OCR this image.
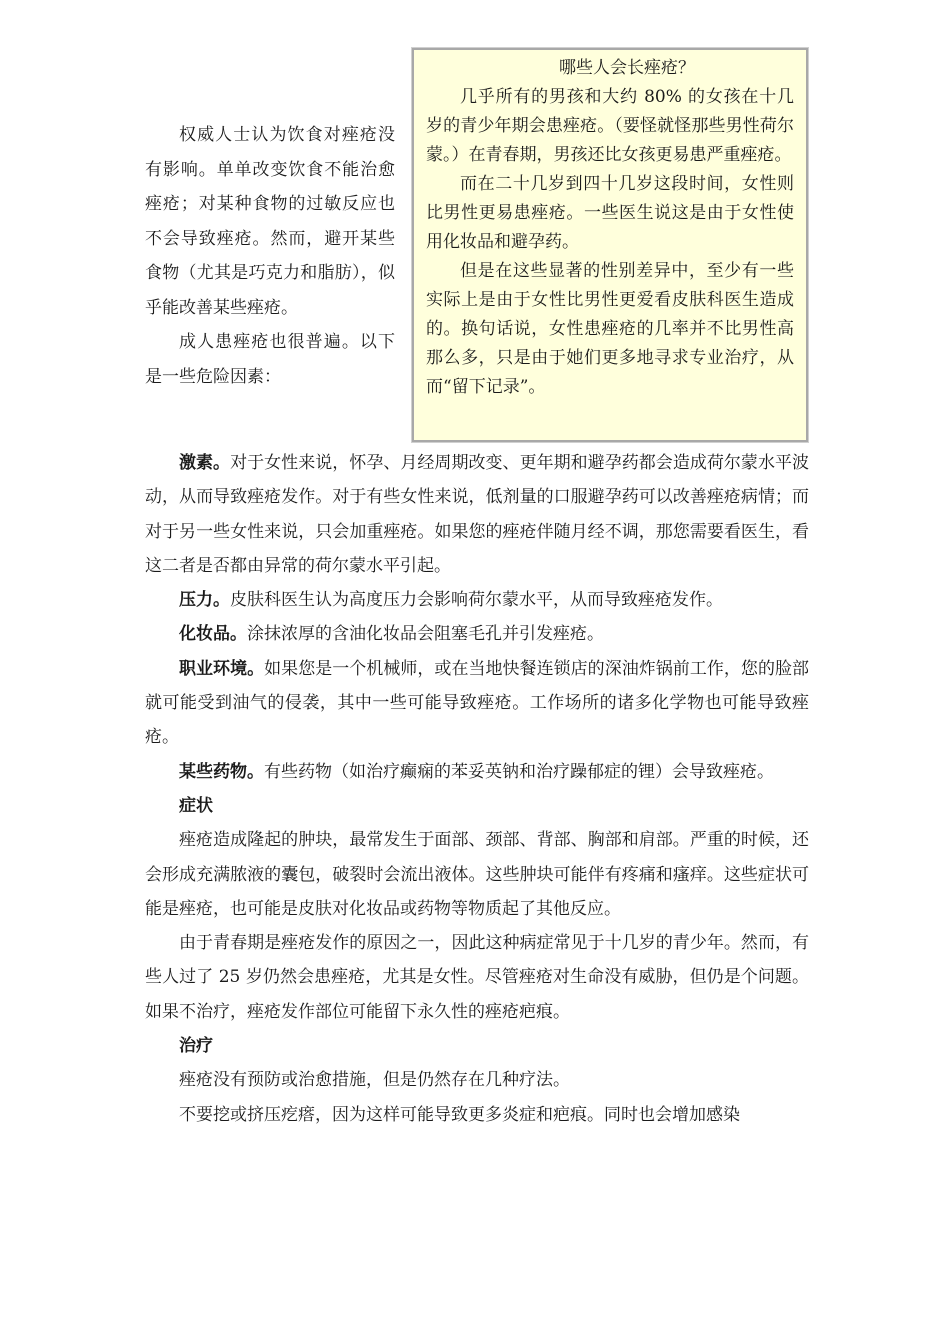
哪些人会长痤疮？

几乎所有的男孩和大约 80% 的女孩在十几岁的青少年期会患痤疮。（要怪就怪那些男性荷尔蒙。）在青春期，男孩还比女孩更易患严重痤疮。

而在二十几岁到四十几岁这段时间，女性则比男性更易患痤疮。一些医生说这是由于女性使用化妆品和避孕药。

但是在这些显著的性别差异中，至少有一些实际上是由于女性比男性更爱看皮肤科医生造成的。换句话说，女性患痤疮的几率并不比男性高那么多，只是由于她们更多地寻求专业治疗，从而“留下记录”。

权威人士认为饮食对痤疮没有影响。单单改变饮食不能治愈痤疮；对某种食物的过敏反应也不会导致痤疮。然而，避开某些食物（尤其是巧克力和脂肪），似乎能改善某些痤疮。

成人患痤疮也很普遍。以下是一些危险因素：

激素。对于女性来说，怀孕、月经周期改变、更年期和避孕药都会造成荷尔蒙水平波动，从而导致痤疮发作。对于有些女性来说，低剂量的口服避孕药可以改善痤疮病情；而对于另一些女性来说，只会加重痤疮。如果您的痤疮伴随月经不调，那您需要看医生，看这二者是否都由异常的荷尔蒙水平引起。

压力。皮肤科医生认为高度压力会影响荷尔蒙水平，从而导致痤疮发作。

化妆品。涂抹浓厚的含油化妆品会阻塞毛孔并引发痤疮。

职业环境。如果您是一个机械师，或在当地快餐连锁店的深油炸锅前工作，您的脸部就可能受到油气的侵袭，其中一些可能导致痤疮。工作场所的诸多化学物也可能导致痤疮。

某些药物。有些药物（如治疗癫痫的苯妥英钠和治疗躁郁症的锂）会导致痤疮。

症状

痤疮造成隆起的肿块，最常发生于面部、颈部、背部、胸部和肩部。严重的时候，还会形成充满脓液的囊包，破裂时会流出液体。这些肿块可能伴有疼痛和瘙痒。这些症状可能是痤疮，也可能是皮肤对化妆品或药物等物质起了其他反应。

由于青春期是痤疮发作的原因之一，因此这种病症常见于十几岁的青少年。然而，有些人过了 25 岁仍然会患痤疮，尤其是女性。尽管痤疮对生命没有威胁，但仍是个问题。如果不治疗，痤疮发作部位可能留下永久性的痤疮疤痕。

治疗

痤疮没有预防或治愈措施，但是仍然存在几种疗法。

不要挖或挤压疙瘩，因为这样可能导致更多炎症和疤痕。同时也会增加感染
